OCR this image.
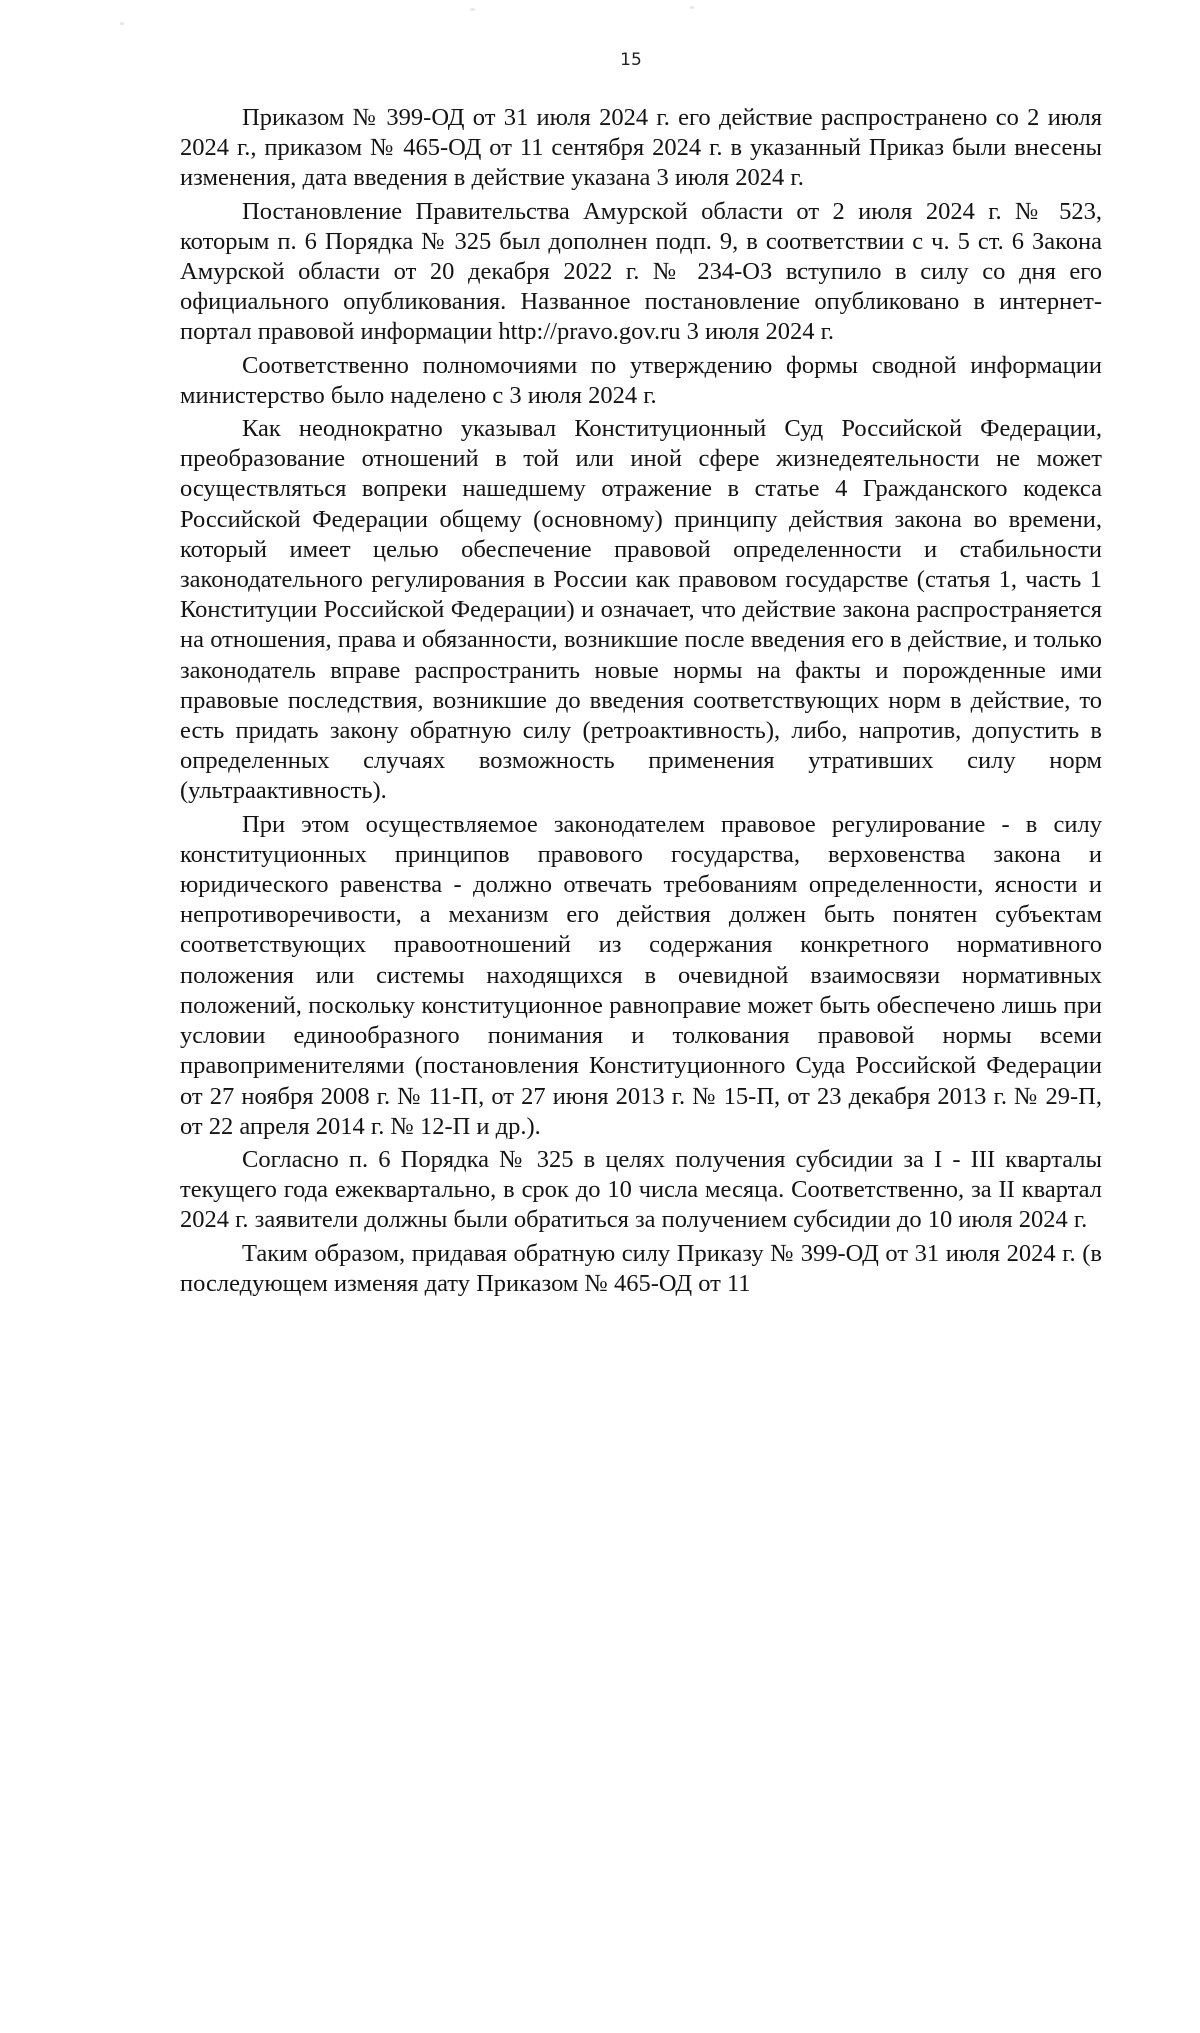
15

Приказом № 399-ОД от 31 июля 2024 г. его действие распространено со 2 июля 2024 г., приказом № 465-ОД от 11 сентября 2024 г. в указанный Приказ были внесены изменения, дата введения в действие указана 3 июля 2024 г.

Постановление Правительства Амурской области от 2 июля 2024 г. № 523, которым п. 6 Порядка № 325 был дополнен подп. 9, в соответствии с ч. 5 ст. 6 Закона Амурской области от 20 декабря 2022 г. № 234-ОЗ вступило в силу со дня его официального опубликования. Названное постановление опубликовано в интернет-портал правовой информации http://pravo.gov.ru 3 июля 2024 г.

Соответственно полномочиями по утверждению формы сводной информации министерство было наделено с 3 июля 2024 г.

Как неоднократно указывал Конституционный Суд Российской Федерации, преобразование отношений в той или иной сфере жизнедеятельности не может осуществляться вопреки нашедшему отражение в статье 4 Гражданского кодекса Российской Федерации общему (основному) принципу действия закона во времени, который имеет целью обеспечение правовой определенности и стабильности законодательного регулирования в России как правовом государстве (статья 1, часть 1 Конституции Российской Федерации) и означает, что действие закона распространяется на отношения, права и обязанности, возникшие после введения его в действие, и только законодатель вправе распространить новые нормы на факты и порожденные ими правовые последствия, возникшие до введения соответствующих норм в действие, то есть придать закону обратную силу (ретроактивность), либо, напротив, допустить в определенных случаях возможность применения утративших силу норм (ультраактивность).

При этом осуществляемое законодателем правовое регулирование - в силу конституционных принципов правового государства, верховенства закона и юридического равенства - должно отвечать требованиям определенности, ясности и непротиворечивости, а механизм его действия должен быть понятен субъектам соответствующих правоотношений из содержания конкретного нормативного положения или системы находящихся в очевидной взаимосвязи нормативных положений, поскольку конституционное равноправие может быть обеспечено лишь при условии единообразного понимания и толкования правовой нормы всеми правоприменителями (постановления Конституционного Суда Российской Федерации от 27 ноября 2008 г. № 11-П, от 27 июня 2013 г. № 15-П, от 23 декабря 2013 г. № 29-П, от 22 апреля 2014 г. № 12-П и др.).

Согласно п. 6 Порядка № 325 в целях получения субсидии за I - III кварталы текущего года ежеквартально, в срок до 10 числа месяца. Соответственно, за II квартал 2024 г. заявители должны были обратиться за получением субсидии до 10 июля 2024 г.

Таким образом, придавая обратную силу Приказу № 399-ОД от 31 июля 2024 г. (в последующем изменяя дату Приказом № 465-ОД от 11
